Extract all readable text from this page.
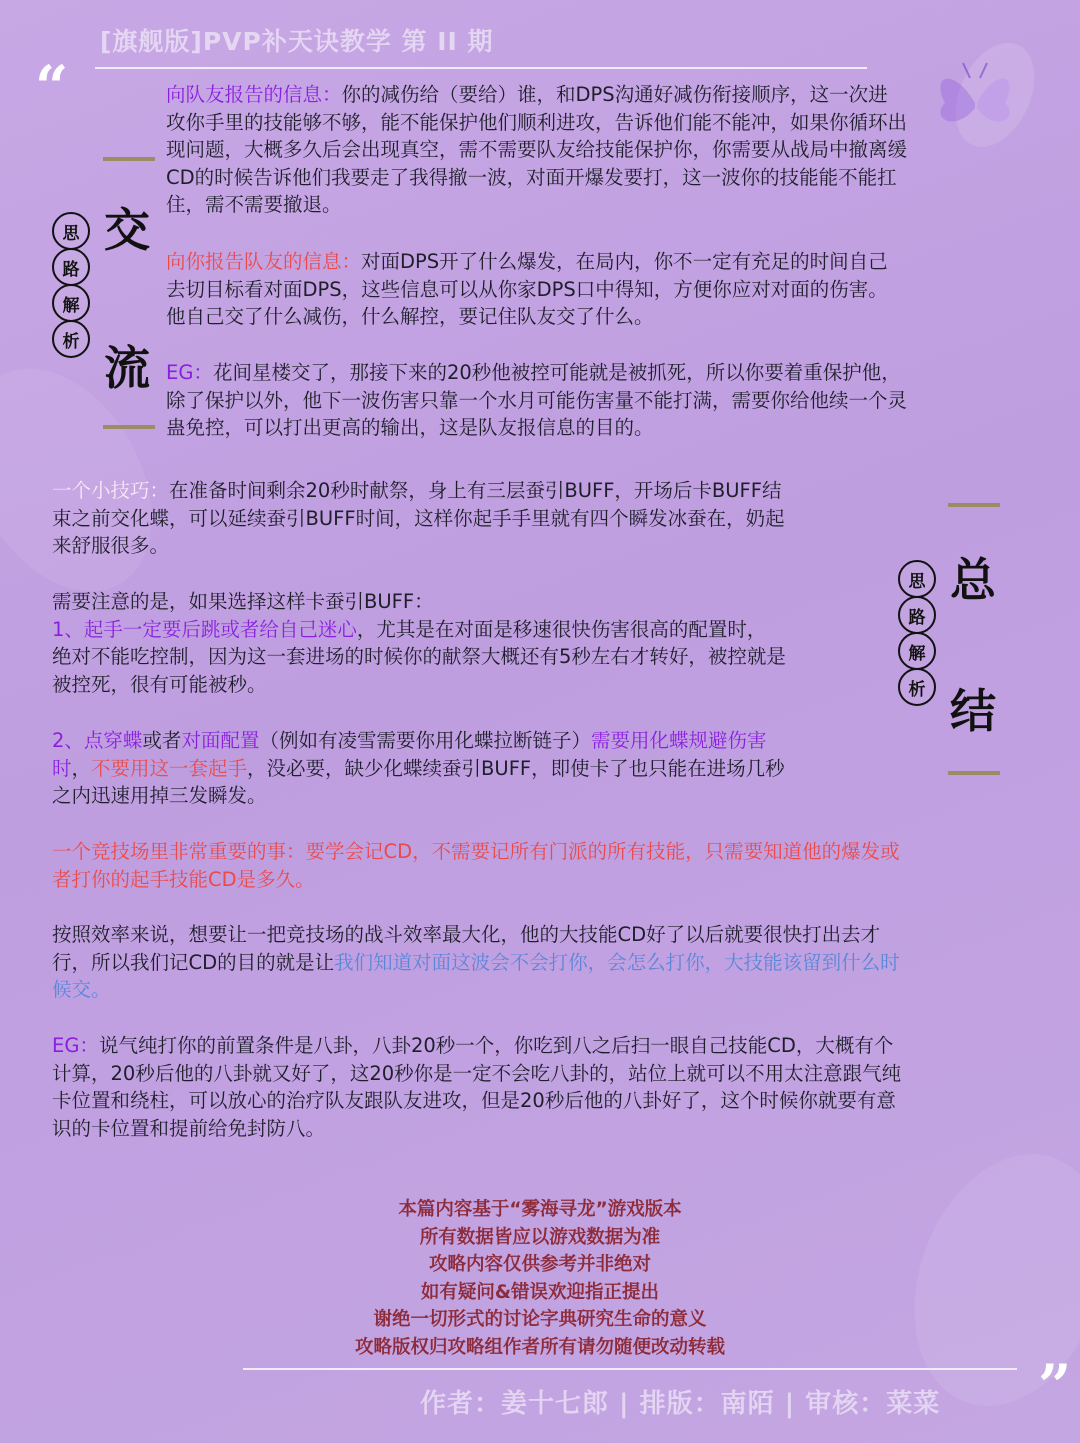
[旗舰版]PVP补天诀教学 第 II 期
“
交
流
思
路
解
析
向队友报告的信息：你的减伤给（要给）谁，和DPS沟通好减伤衔接顺序，这一次进
攻你手里的技能够不够，能不能保护他们顺利进攻，告诉他们能不能冲，如果你循环出
现问题，大概多久后会出现真空，需不需要队友给技能保护你，你需要从战局中撤离缓
CD的时候告诉他们我要走了我得撤一波，对面开爆发要打，这一波你的技能能不能扛
住，需不需要撤退。
向你报告队友的信息：对面DPS开了什么爆发，在局内，你不一定有充足的时间自己
去切目标看对面DPS，这些信息可以从你家DPS口中得知，方便你应对对面的伤害。
他自己交了什么减伤，什么解控，要记住队友交了什么。
EG：花间星楼交了，那接下来的20秒他被控可能就是被抓死，所以你要着重保护他，
除了保护以外，他下一波伤害只靠一个水月可能伤害量不能打满，需要你给他续一个灵
蛊免控，可以打出更高的输出，这是队友报信息的目的。
总
结
思
路
解
析
一个小技巧：在准备时间剩余20秒时献祭，身上有三层蚕引BUFF，开场后卡BUFF结
束之前交化蝶，可以延续蚕引BUFF时间，这样你起手手里就有四个瞬发冰蚕在，奶起
来舒服很多。
需要注意的是，如果选择这样卡蚕引BUFF：
1、起手一定要后跳或者给自己迷心，尤其是在对面是移速很快伤害很高的配置时，
绝对不能吃控制，因为这一套进场的时候你的献祭大概还有5秒左右才转好，被控就是
被控死，很有可能被秒。
2、点穿蝶或者对面配置（例如有凌雪需要你用化蝶拉断链子）需要用化蝶规避伤害
时，不要用这一套起手，没必要，缺少化蝶续蚕引BUFF，即使卡了也只能在进场几秒
之内迅速用掉三发瞬发。
一个竞技场里非常重要的事：要学会记CD，不需要记所有门派的所有技能，只需要知道他的爆发或
者打你的起手技能CD是多久。
按照效率来说，想要让一把竞技场的战斗效率最大化，他的大技能CD好了以后就要很快打出去才
行，所以我们记CD的目的就是让我们知道对面这波会不会打你，会怎么打你，大技能该留到什么时
候交。
EG：说气纯打你的前置条件是八卦，八卦20秒一个，你吃到八之后扫一眼自己技能CD，大概有个
计算，20秒后他的八卦就又好了，这20秒你是一定不会吃八卦的，站位上就可以不用太注意跟气纯
卡位置和绕柱，可以放心的治疗队友跟队友进攻，但是20秒后他的八卦好了，这个时候你就要有意
识的卡位置和提前给免封防八。
本篇内容基于“雾海寻龙”游戏版本
所有数据皆应以游戏数据为准
攻略内容仅供参考并非绝对
如有疑问&错误欢迎指正提出
谢绝一切形式的讨论字典研究生命的意义
攻略版权归攻略组作者所有请勿随便改动转载
”
作者：姜十七郎 | 排版：南陌 | 审核：菜菜
